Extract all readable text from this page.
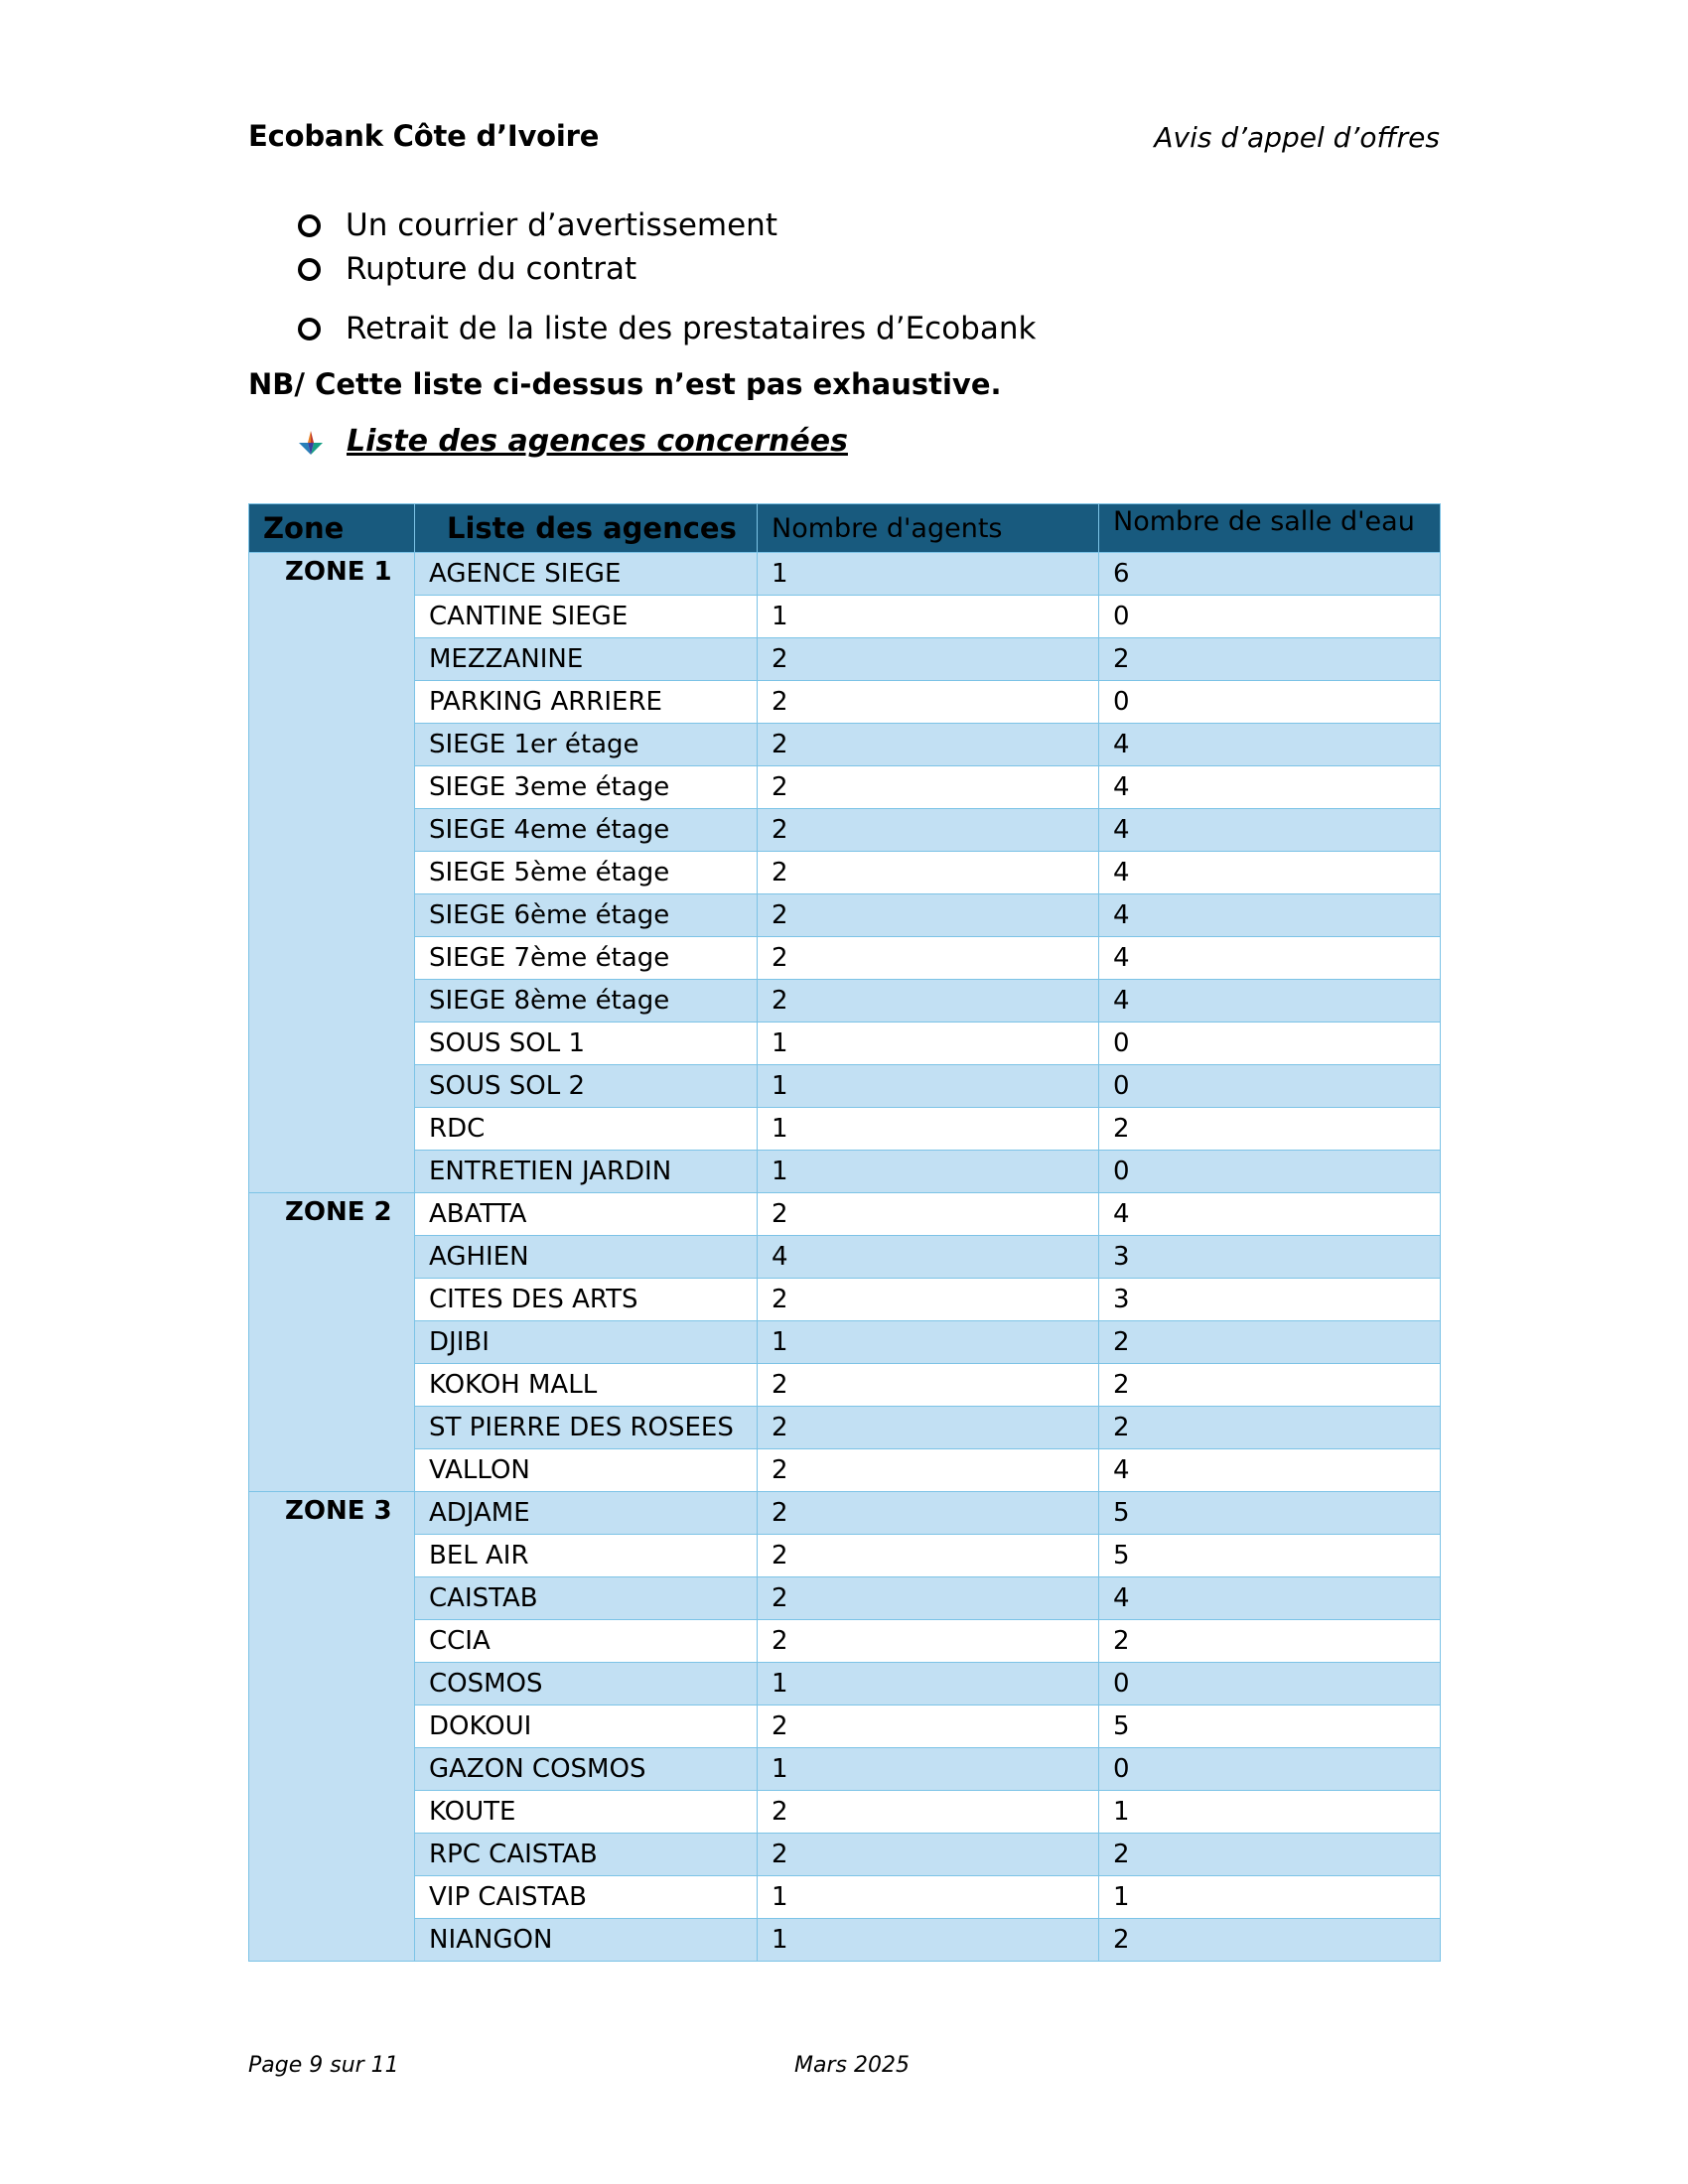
Ecobank Côte d’Ivoire	Avis d’appel d’offres
Un courrier d’avertissement
Rupture du contrat
Retrait de la liste des prestataires d’Ecobank
NB/ Cette liste ci-dessus n’est pas exhaustive.
Liste des agences concernées
Zone	Liste des agences	Nombre d'agents	Nombre de salle d'eau
ZONE 1	AGENCE SIEGE	1	6
	CANTINE SIEGE	1	0
	MEZZANINE	2	2
	PARKING ARRIERE	2	0
	SIEGE 1er étage	2	4
	SIEGE 3eme étage	2	4
	SIEGE 4eme étage	2	4
	SIEGE 5ème étage	2	4
	SIEGE 6ème étage	2	4
	SIEGE 7ème étage	2	4
	SIEGE 8ème étage	2	4
	SOUS SOL 1	1	0
	SOUS SOL 2	1	0
	RDC	1	2
	ENTRETIEN JARDIN	1	0
ZONE 2	ABATTA	2	4
	AGHIEN	4	3
	CITES DES ARTS	2	3
	DJIBI	1	2
	KOKOH MALL	2	2
	ST PIERRE DES ROSEES	2	2
	VALLON	2	4
ZONE 3	ADJAME	2	5
	BEL AIR	2	5
	CAISTAB	2	4
	CCIA	2	2
	COSMOS	1	0
	DOKOUI	2	5
	GAZON COSMOS	1	0
	KOUTE	2	1
	RPC CAISTAB	2	2
	VIP CAISTAB	1	1
	NIANGON	1	2
Page 9 sur 11	Mars 2025
